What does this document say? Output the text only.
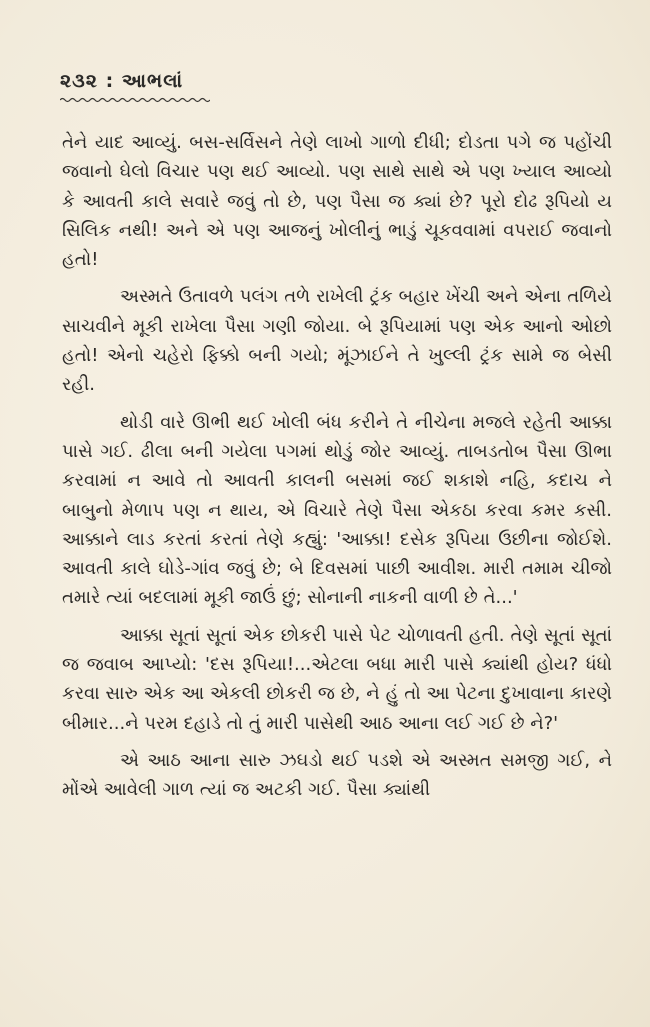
૨૩૨ : આભલાં

તેને યાદ આવ્યું. બસ-સર્વિસને તેણે લાખો ગાળો દીધી; દોડતા પગે જ પહોંચી જવાનો ઘેલો વિચાર પણ થઈ આવ્યો. પણ સાથે સાથે એ પણ ખ્યાલ આવ્યો કે આવતી કાલે સવારે જવું તો છે, પણ પૈસા જ ક્યાં છે? પૂરો દોઢ રૂપિયો ય સિલિક નથી! અને એ પણ આજનું ખોલીનું ભાડું ચૂકવવામાં વપરાઈ જવાનો હતો!

અસ્મતે ઉતાવળે પલંગ તળે રાખેલી ટ્રંક બહાર ખેંચી અને એના તળિયે સાચવીને મૂકી રાખેલા પૈસા ગણી જોયા. બે રૂપિયામાં પણ એક આનો ઓછો હતો! એનો ચહેરો ફિક્કો બની ગયો; મૂંઝાઈને તે ખુલ્લી ટ્રંક સામે જ બેસી રહી.

થોડી વારે ઊભી થઈ ખોલી બંધ કરીને તે નીચેના મજલે રહેતી આક્કા પાસે ગઈ. ઢીલા બની ગયેલા પગમાં થોડું જોર આવ્યું. તાબડતોબ પૈસા ઊભા કરવામાં ન આવે તો આવતી કાલની બસમાં જઈ શકાશે નહિ, કદાચ ને બાબુનો મેળાપ પણ ન થાય, એ વિચારે તેણે પૈસા એકઠા કરવા કમર કસી. આક્કાને લાડ કરતાં કરતાં તેણે કહ્યું: 'આક્કા! દસેક રૂપિયા ઉછીના જોઈશે. આવતી કાલે ઘોડે-ગાંવ જવું છે; બે દિવસમાં પાછી આવીશ. મારી તમામ ચીજો તમારે ત્યાં બદલામાં મૂકી જાઉં છું; સોનાની નાકની વાળી છે તે...'

આક્કા સૂતાં સૂતાં એક છોકરી પાસે પેટ ચોળાવતી હતી. તેણે સૂતાં સૂતાં જ જવાબ આપ્યો: 'દસ રૂપિયા!...એટલા બધા મારી પાસે ક્યાંથી હોય? ધંધો કરવા સારુ એક આ એકલી છોકરી જ છે, ને હું તો આ પેટના દુખાવાના કારણે બીમાર...ને પરમ દહાડે તો તું મારી પાસેથી આઠ આના લઈ ગઈ છે ને?'

એ આઠ આના સારુ ઝઘડો થઈ પડશે એ અસ્મત સમજી ગઈ, ને મોંએ આવેલી ગાળ ત્યાં જ અટકી ગઈ. પૈસા ક્યાંથી
